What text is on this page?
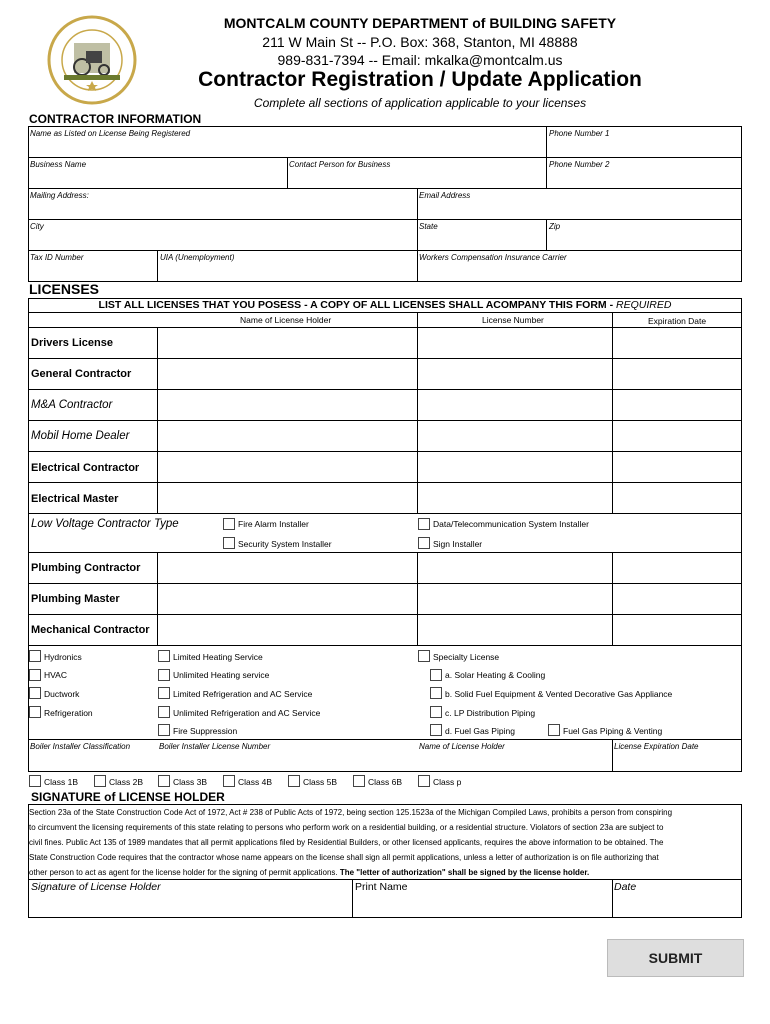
MONTCALM COUNTY DEPARTMENT of BUILDING SAFETY
211 W Main St -- P.O. Box: 368, Stanton, MI 48888
989-831-7394 -- Email: mkalka@montcalm.us
Contractor Registration / Update Application
Complete all sections of application applicable to your licenses
CONTRACTOR INFORMATION
Name as Listed on License Being Registered	Phone Number 1
Business Name	Contact Person for Business	Phone Number 2
Mailing Address:	Email Address
City	State	Zip
Tax ID Number	UIA (Unemployment)	Workers Compensation Insurance Carrier
LICENSES
LIST ALL LICENSES THAT YOU POSESS - A COPY OF ALL LICENSES SHALL ACOMPANY THIS FORM - REQUIRED
Name of License Holder	License Number	Expiration Date
Drivers License
General Contractor
M&A Contractor
Mobil Home Dealer
Electrical Contractor
Electrical Master
Low Voltage Contractor Type	Fire Alarm Installer	Data/Telecommunication System Installer
Security System Installer	Sign Installer
Plumbing Contractor
Plumbing Master
Mechanical Contractor
Hydronics
HVAC
Ductwork
Refrigeration
Limited Heating Service
Unlimited Heating service
Limited Refrigeration and AC Service
Unlimited Refrigeration and AC Service
Fire Suppression
Specialty License
a. Solar Heating & Cooling
b. Solid Fuel Equipment & Vented Decorative Gas Appliance
c. LP Distribution Piping
d. Fuel Gas Piping	Fuel Gas Piping & Venting
Boiler Installer Classification	Boiler Installer License Number	Name of License Holder	License Expiration Date
Class 1B	Class 2B	Class 3B	Class 4B	Class 5B	Class 6B	Class p
SIGNATURE of LICENSE HOLDER
Section 23a of the State Construction Code Act of 1972, Act # 238 of Public Acts of 1972, being section 125.1523a of the Michigan Compiled Laws, prohibits a person from conspiring
to circumvent the licensing requirements of this state relating to persons who perform work on a residential building, or a residential structure. Violators of section 23a are subject to
civil fines. Public Act 135 of 1989 mandates that all permit applications filed by Residential Builders, or other licensed applicants, requires the above information to be obtained. The
State Construction Code requires that the contractor whose name appears on the license shall sign all permit applications, unless a letter of authorization is on file authorizing that
other person to act as agent for the license holder for the signing of permit applications. The "letter of authorization" shall be signed by the license holder.
Signature of License Holder	Print Name	Date
SUBMIT
